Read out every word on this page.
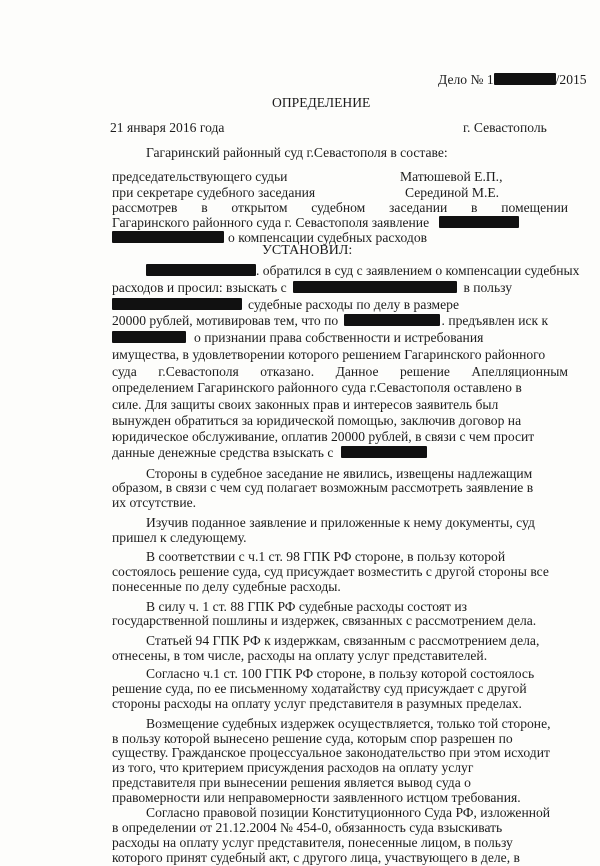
Дело № 1	/2015
ОПРЕДЕЛЕНИЕ
21 января 2016 года	г. Севастополь
Гагаринский районный суд г.Севастополя в составе:
председательствующего судьи	Матюшевой Е.П.,
при секретаре судебного заседания	Серединой М.Е.
рассмотрев в открытом судебном заседании в помещении
Гагаринского районного суда г. Севастополя заявление
о компенсации судебных расходов
УСТАНОВИЛ:
. обратился в суд с заявлением о компенсации судебных
расходов и просил: взыскать с	в пользу
судебные расходы по делу в размере
20000 рублей, мотивировав тем, что по	. предъявлен иск к
о признании права собственности и истребования
имущества, в удовлетворении которого решением Гагаринского районного
суда г.Севастополя отказано. Данное решение Апелляционным
определением Гагаринского районного суда г.Севастополя оставлено в
силе. Для защиты своих законных прав и интересов заявитель был
вынужден обратиться за юридической помощью, заключив договор на
юридическое обслуживание, оплатив 20000 рублей, в связи с чем просит
данные денежные средства взыскать с
Стороны в судебное заседание не явились, извещены надлежащим
образом, в связи с чем суд полагает возможным рассмотреть заявление в
их отсутствие.
Изучив поданное заявление и приложенные к нему документы, суд
пришел к следующему.
В соответствии с ч.1 ст. 98 ГПК РФ стороне, в пользу которой
состоялось решение суда, суд присуждает возместить с другой стороны все
понесенные по делу судебные расходы.
В силу ч. 1 ст. 88 ГПК РФ судебные расходы состоят из
государственной пошлины и издержек, связанных с рассмотрением дела.
Статьей 94 ГПК РФ к издержкам, связанным с рассмотрением дела,
отнесены, в том числе, расходы на оплату услуг представителей.
Согласно ч.1 ст. 100 ГПК РФ стороне, в пользу которой состоялось
решение суда, по ее письменному ходатайству суд присуждает с другой
стороны расходы на оплату услуг представителя в разумных пределах.
Возмещение судебных издержек осуществляется, только той стороне,
в пользу которой вынесено решение суда, которым спор разрешен по
существу. Гражданское процессуальное законодательство при этом исходит
из того, что критерием присуждения расходов на оплату услуг
представителя при вынесении решения является вывод суда о
правомерности или неправомерности заявленного истцом требования.
Согласно правовой позиции Конституционного Суда РФ, изложенной
в определении от 21.12.2004 № 454-0, обязанность суда взыскивать
расходы на оплату услуг представителя, понесенные лицом, в пользу
которого принят судебный акт, с другого лица, участвующего в деле, в
